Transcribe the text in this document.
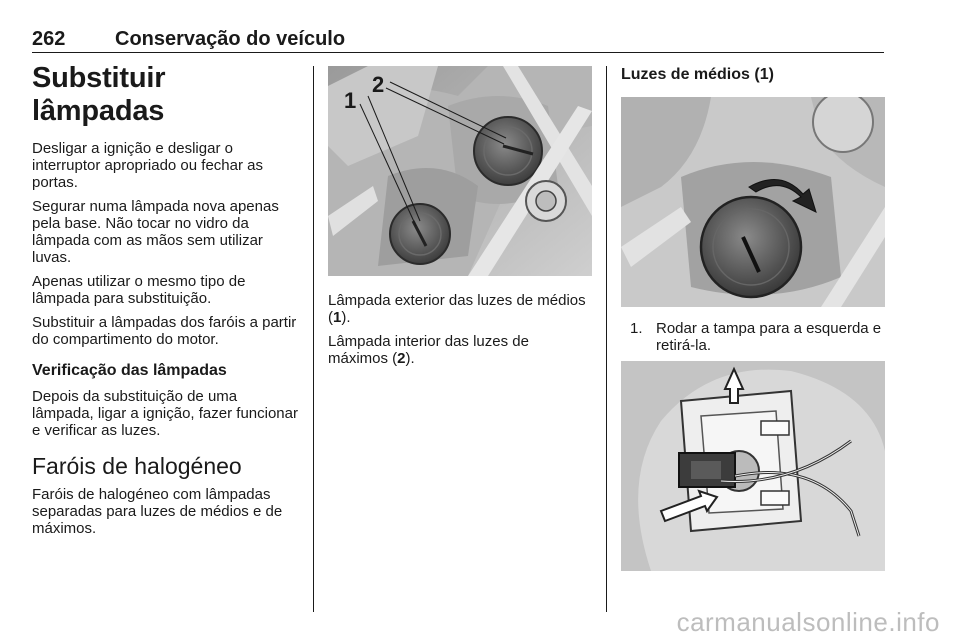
262 Conservação do veículo
Substituir lâmpadas

Desligar a ignição e desligar o interruptor apropriado ou fechar as portas.

Segurar numa lâmpada nova apenas pela base. Não tocar no vidro da lâmpada com as mãos sem utilizar luvas.

Apenas utilizar o mesmo tipo de lâmpada para substituição.

Substituir a lâmpadas dos faróis a partir do compartimento do motor.

Verificação das lâmpadas

Depois da substituição de uma lâmpada, ligar a ignição, fazer funcionar e verificar as luzes.

Faróis de halogéneo

Faróis de halogéneo com lâmpadas separadas para luzes de médios e de máximos.

1
2

Lâmpada exterior das luzes de médios (1).

Lâmpada interior das luzes de máximos (2).

Luzes de médios (1)
1. Rodar a tampa para a esquerda e retirá-la.
carmanualsonline.info
